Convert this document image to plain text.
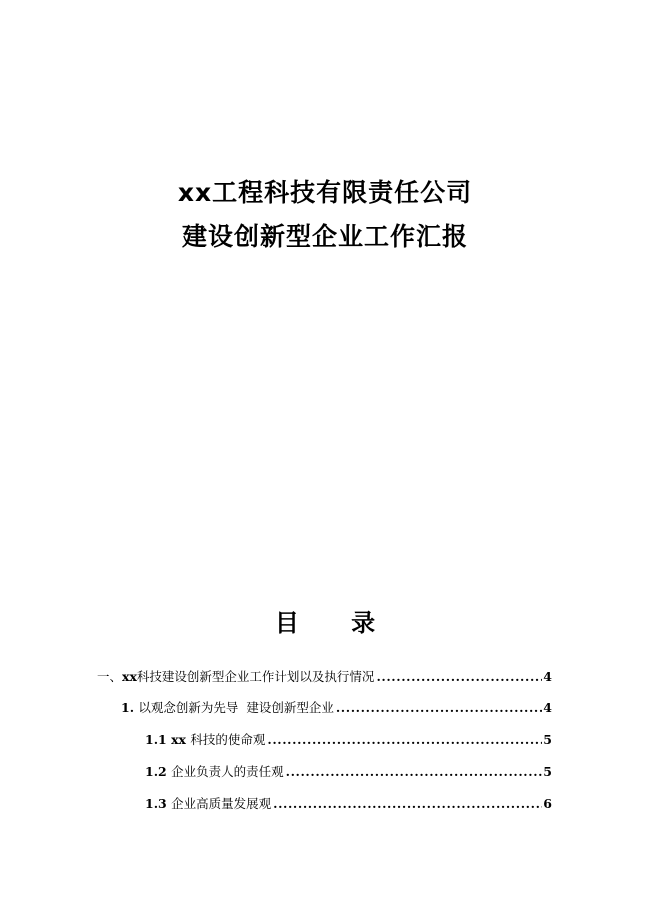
xx工程科技有限责任公司
建设创新型企业工作汇报
目 录
一、xx科技建设创新型企业工作计划以及执行情况 .....	4
1. 以观念创新为先导  建设创新型企业 .....	4
1.1 xx 科技的使命观 .....	5
1.2 企业负责人的责任观 .....	5
1.3 企业高质量发展观 .....	6
